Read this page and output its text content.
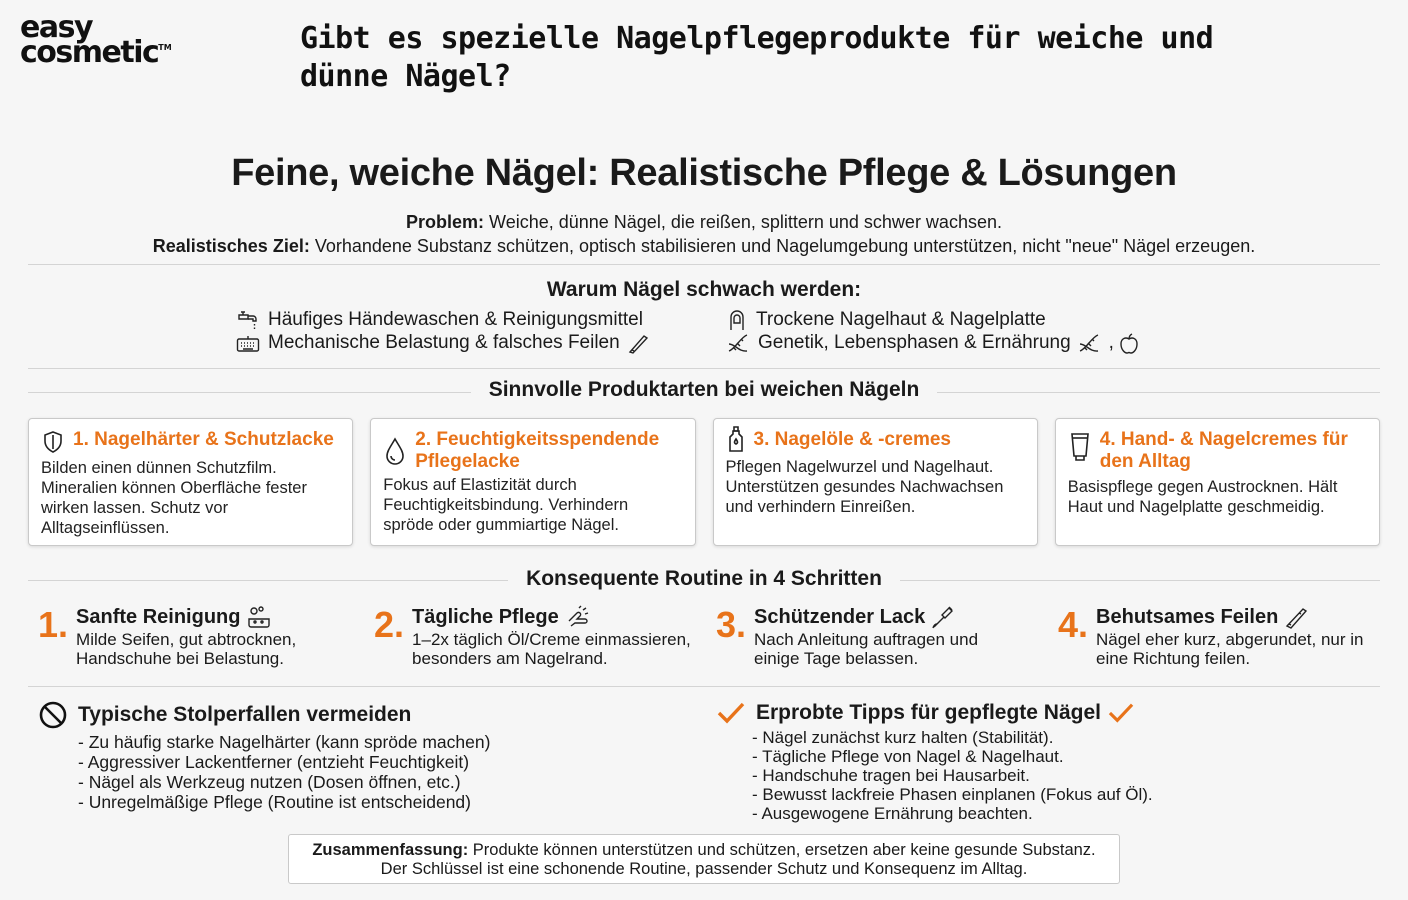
easy
cosmetic™	Gibt es spezielle Nagelpflegeprodukte für weiche und dünne Nägel?
Feine, weiche Nägel: Realistische Pflege & Lösungen
Problem: Weiche, dünne Nägel, die reißen, splittern und schwer wachsen.
Realistisches Ziel: Vorhandene Substanz schützen, optisch stabilisieren und Nagelumgebung unterstützen, nicht "neue" Nägel erzeugen.
Warum Nägel schwach werden:
Häufiges Händewaschen & Reinigungsmittel
Mechanische Belastung & falsches Feilen
Trockene Nagelhaut & Nagelplatte
Genetik, Lebensphasen & Ernährung ,
Sinnvolle Produktarten bei weichen Nägeln
1. Nagelhärter & Schutzlacke
Bilden einen dünnen Schutzfilm. Mineralien können Oberfläche fester wirken lassen. Schutz vor Alltagseinflüssen.
2. Feuchtigkeitsspendende Pflegelacke
Fokus auf Elastizität durch Feuchtigkeitsbindung. Verhindern spröde oder gummiartige Nägel.
3. Nagelöle & -cremes
Pflegen Nagelwurzel und Nagelhaut. Unterstützen gesundes Nachwachsen und verhindern Einreißen.
4. Hand- & Nagelcremes für den Alltag
Basispflege gegen Austrocknen. Hält Haut und Nagelplatte geschmeidig.
Konsequente Routine in 4 Schritten
1. Sanfte Reinigung
Milde Seifen, gut abtrocknen, Handschuhe bei Belastung.
2. Tägliche Pflege
1–2x täglich Öl/Creme einmassieren, besonders am Nagelrand.
3. Schützender Lack
Nach Anleitung auftragen und einige Tage belassen.
4. Behutsames Feilen
Nägel eher kurz, abgerundet, nur in eine Richtung feilen.
Typische Stolperfallen vermeiden
- Zu häufig starke Nagelhärter (kann spröde machen)
- Aggressiver Lackentferner (entzieht Feuchtigkeit)
- Nägel als Werkzeug nutzen (Dosen öffnen, etc.)
- Unregelmäßige Pflege (Routine ist entscheidend)
Erprobte Tipps für gepflegte Nägel
- Nägel zunächst kurz halten (Stabilität).
- Tägliche Pflege von Nagel & Nagelhaut.
- Handschuhe tragen bei Hausarbeit.
- Bewusst lackfreie Phasen einplanen (Fokus auf Öl).
- Ausgewogene Ernährung beachten.
Zusammenfassung: Produkte können unterstützen und schützen, ersetzen aber keine gesunde Substanz.
Der Schlüssel ist eine schonende Routine, passender Schutz und Konsequenz im Alltag.
